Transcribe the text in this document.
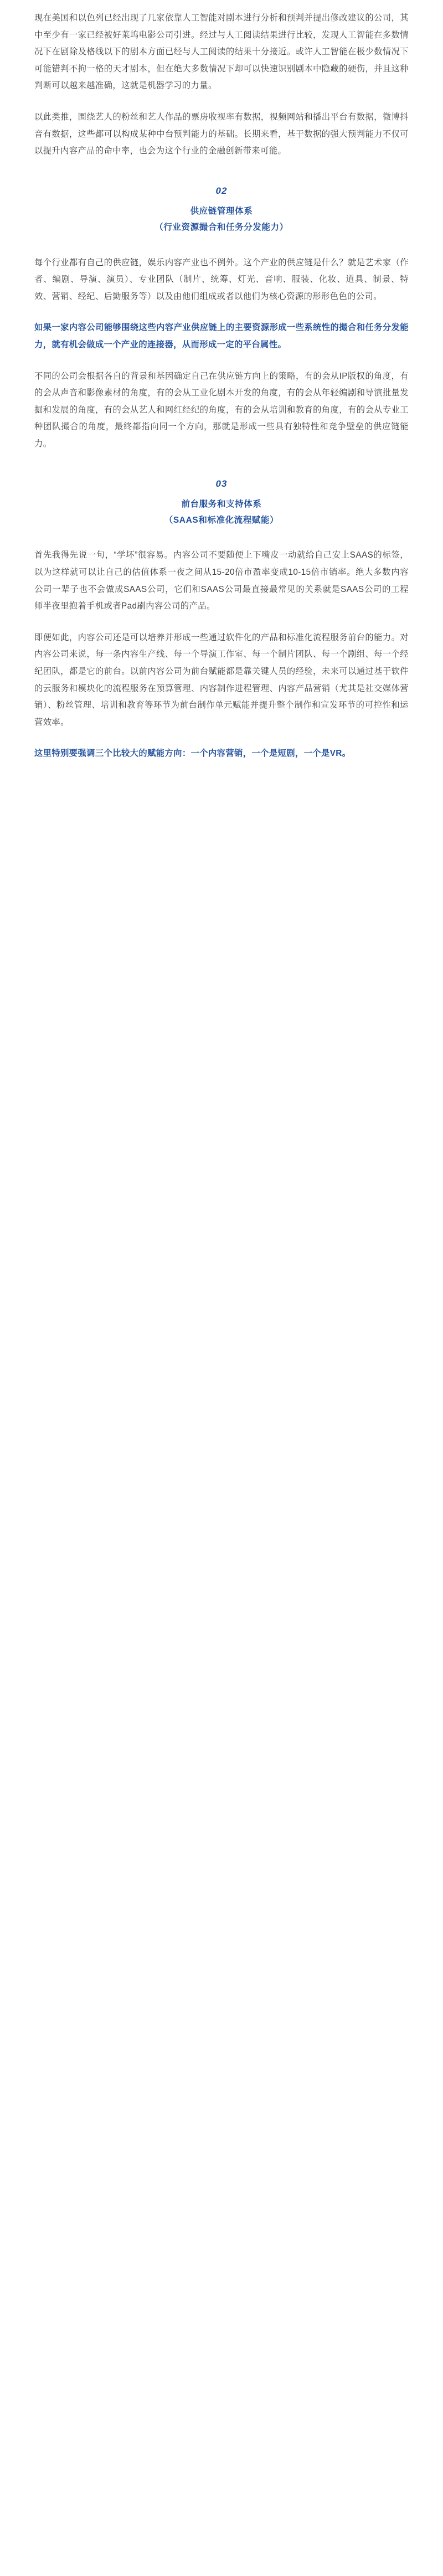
现在美国和以色列已经出现了几家依靠人工智能对剧本进行分析和预判并提出修改建议的公司，其中至少有一家已经被好莱坞电影公司引进。经过与人工阅读结果进行比较，发现人工智能在多数情况下在剧除及格线以下的剧本方面已经与人工阅读的结果十分接近。或许人工智能在极少数情况下可能错判不拘一格的天才剧本，但在绝大多数情况下却可以快速识别剧本中隐藏的硬伤，并且这种判断可以越来越准确，这就是机器学习的力量。

以此类推，围绕艺人的粉丝和艺人作品的票房收视率有数据，视频网站和播出平台有数据，微博抖音有数据，这些都可以构成某种中台预判能力的基础。长期来看，基于数据的强大预判能力不仅可以提升内容产品的命中率，也会为这个行业的金融创新带来可能。

02
供应链管理体系
（行业资源撮合和任务分发能力）

每个行业都有自己的供应链，娱乐内容产业也不例外。这个产业的供应链是什么？就是艺术家（作者、编剧、导演、演员）、专业团队（制片、统筹、灯光、音响、服装、化妆、道具、制景、特效、营销、经纪、后勤服务等）以及由他们组成或者以他们为核心资源的形形色色的公司。

如果一家内容公司能够围绕这些内容产业供应链上的主要资源形成一些系统性的撮合和任务分发能力，就有机会做成一个产业的连接器，从而形成一定的平台属性。

不同的公司会根据各自的背景和基因确定自己在供应链方向上的策略，有的会从IP版权的角度，有的会从声音和影像素材的角度，有的会从工业化剧本开发的角度，有的会从年轻编剧和导演批量发掘和发展的角度，有的会从艺人和网红经纪的角度，有的会从培训和教育的角度，有的会从专业工种团队撮合的角度，最终都指向同一个方向，那就是形成一些具有独特性和竞争壁垒的供应链能力。

03
前台服务和支持体系
（SAAS和标准化流程赋能）

首先我得先说一句，“学坏”很容易。内容公司不要随便上下嘴皮一动就给自己安上SAAS的标签，以为这样就可以让自己的估值体系一夜之间从15-20倍市盈率变成10-15倍市销率。绝大多数内容公司一辈子也不会做成SAAS公司，它们和SAAS公司最直接最常见的关系就是SAAS公司的工程师半夜里抱着手机或者Pad刷内容公司的产品。

即便如此，内容公司还是可以培养并形成一些通过软件化的产品和标准化流程服务前台的能力。对内容公司来说，每一条内容生产线、每一个导演工作室、每一个制片团队、每一个剧组、每一个经纪团队，都是它的前台。以前内容公司为前台赋能都是靠关键人员的经验，未来可以通过基于软件的云服务和模块化的流程服务在预算管理、内容制作进程管理、内容产品营销（尤其是社交媒体营销）、粉丝管理、培训和教育等环节为前台制作单元赋能并提升整个制作和宣发环节的可控性和运营效率。

这里特别要强调三个比较大的赋能方向：一个内容营销，一个是短剧，一个是VR。
